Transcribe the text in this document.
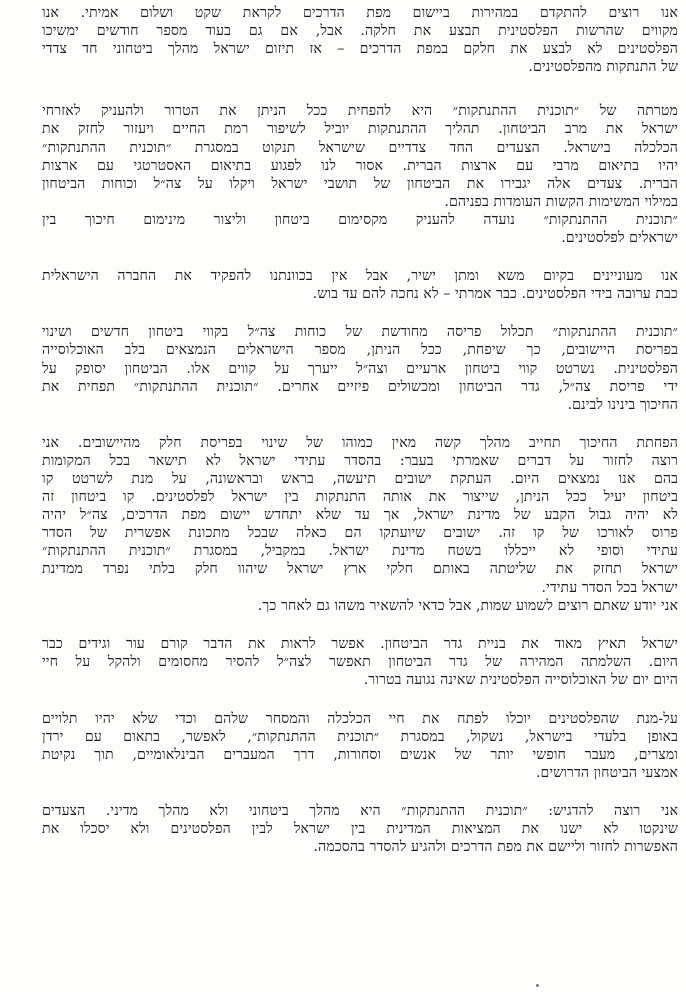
אנו רוצים להתקדם במהירות ביישום מפת הדרכים לקראת שקט ושלום אמיתי. אנו
מקווים שהרשות הפלסטינית תבצע את חלקה. אבל, אם גם בעוד מספר חודשים ימשיכו
הפלסטינים לא לבצע את חלקם במפת הדרכים – אז תיזום ישראל מהלך ביטחוני חד צדדי
של התנתקות מהפלסטינים.
מטרתה של ״תוכנית ההתנתקות״ היא להפחית ככל הניתן את הטרור ולהעניק לאזרחי
ישראל את מרב הביטחון. תהליך ההתנתקות יוביל לשיפור רמת החיים ויעזור לחזק את
הכלכלה בישראל. הצעדים החד צדדיים שישראל תנקוט במסגרת ״תוכנית ההתנתקות״
יהיו בתיאום מרבי עם ארצות הברית. אסור לנו לפגוע בתיאום האסטרטגי עם ארצות
הברית. צעדים אלה יגבירו את הביטחון של תושבי ישראל ויקלו על צה״ל וכוחות הביטחון
במילוי המשימות הקשות העומדות בפניהם.
״תוכנית ההתנתקות״ נועדה להעניק מקסימום ביטחון וליצור מינימום חיכוך בין
ישראלים לפלסטינים.
אנו מעוניינים בקיום משא ומתן ישיר, אבל אין בכוונתנו להפקיד את החברה הישראלית
כבת ערובה בידי הפלסטינים. כבר אמרתי – לא נחכה להם עד בוש.
״תוכנית ההתנתקות״ תכלול פריסה מחודשת של כוחות צה״ל בקווי ביטחון חדשים ושינוי
בפריסת היישובים, כך שיפחת, ככל הניתן, מספר הישראלים הנמצאים בלב האוכלוסייה
הפלסטינית. נשרטט קווי ביטחון ארעיים וצה״ל ייערך על קווים אלו. הביטחון יסופק על
ידי פריסת צה״ל, גדר הביטחון ומכשולים פיזיים אחרים. ״תוכנית ההתנתקות״ תפחית את
החיכוך בינינו לבינם.
הפחתת החיכוך תחייב מהלך קשה מאין כמוהו של שינוי בפריסת חלק מהיישובים. אני
רוצה לחזור על דברים שאמרתי בעבר: בהסדר עתידי ישראל לא תישאר בכל המקומות
בהם אנו נמצאים היום. העתקת ישובים תיעשה, בראש ובראשונה, על מנת לשרטט קו
ביטחון יעיל ככל הניתן, שייצור את אותה התנתקות בין ישראל לפלסטינים. קו ביטחון זה
לא יהיה גבול הקבע של מדינת ישראל, אך עד שלא יתחדש יישום מפת הדרכים, צה״ל יהיה
פרוס לאורכו של קו זה. ישובים שיועתקו הם כאלה שבכל מתכונת אפשרית של הסדר
עתידי וסופי לא ייכללו בשטח מדינת ישראל. במקביל, במסגרת ״תוכנית ההתנתקות״
ישראל תחזק את שליטתה באותם חלקי ארץ ישראל שיהוו חלק בלתי נפרד ממדינת
ישראל בכל הסדר עתידי.
אני יודע שאתם רוצים לשמוע שמות, אבל כדאי להשאיר משהו גם לאחר כך.
ישראל תאיץ מאוד את בניית גדר הביטחון. אפשר לראות את הדבר קורם עור וגידים כבר
היום. השלמתה המהירה של גדר הביטחון תאפשר לצה״ל להסיר מחסומים ולהקל על חיי
היום יום של האוכלוסייה הפלסטינית שאינה נגועה בטרור.
על-מנת שהפלסטינים יוכלו לפתח את חיי הכלכלה והמסחר שלהם וכדי שלא יהיו תלויים
באופן בלעדי בישראל, נשקול, במסגרת ״תוכנית ההתנתקות״, לאפשר, בתאום עם ירדן
ומצרים, מעבר חופשי יותר של אנשים וסחורות, דרך המעברים הבינלאומיים, תוך נקיטת
אמצעי הביטחון הדרושים.
אני רוצה להדגיש: ״תוכנית ההתנתקות״ היא מהלך ביטחוני ולא מהלך מדיני. הצעדים
שינקטו לא ישנו את המציאות המדינית בין ישראל לבין הפלסטינים ולא יסכלו את
האפשרות לחזור וליישם את מפת הדרכים ולהגיע להסדר בהסכמה.
